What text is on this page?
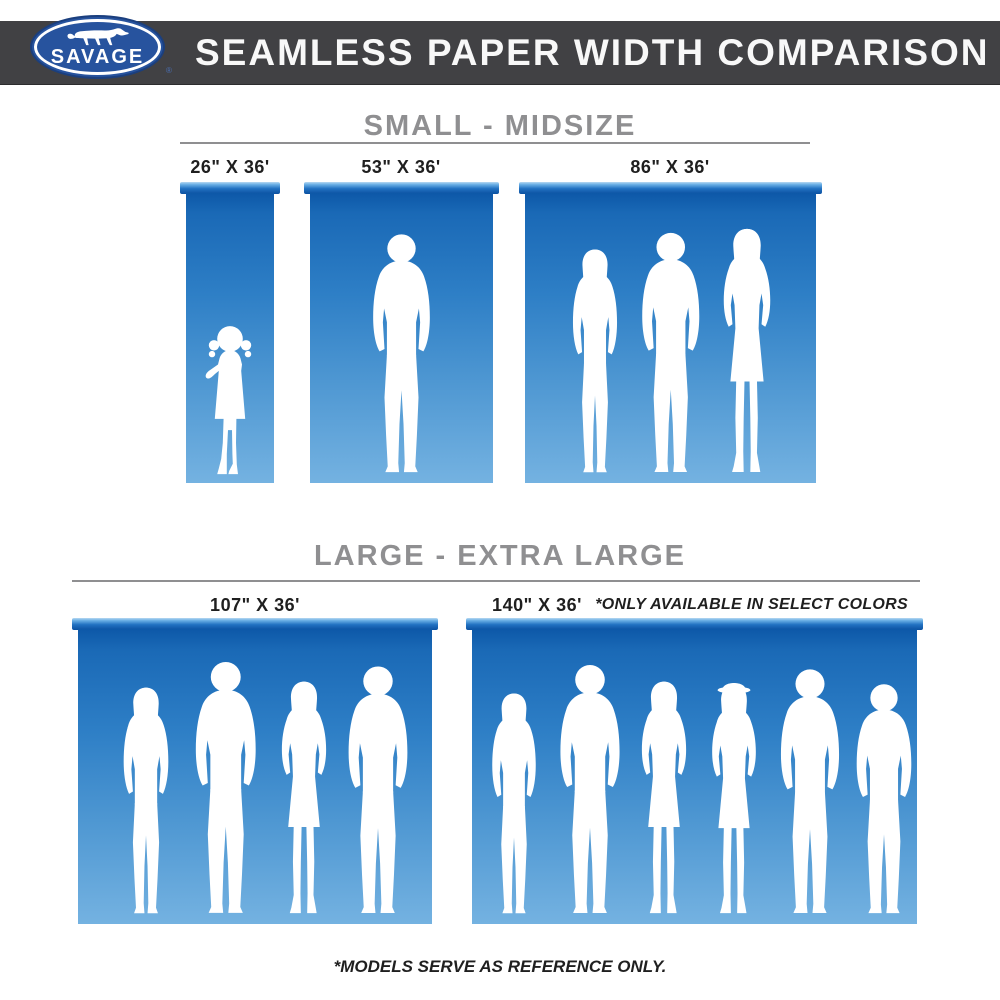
SAVAGE
® SEAMLESS PAPER WIDTH COMPARISON
SMALL - MIDSIZE
26" X 36'	53" X 36'	86" X 36'
LARGE - EXTRA LARGE
107" X 36'	140" X 36' *ONLY AVAILABLE IN SELECT COLORS
*MODELS SERVE AS REFERENCE ONLY.
